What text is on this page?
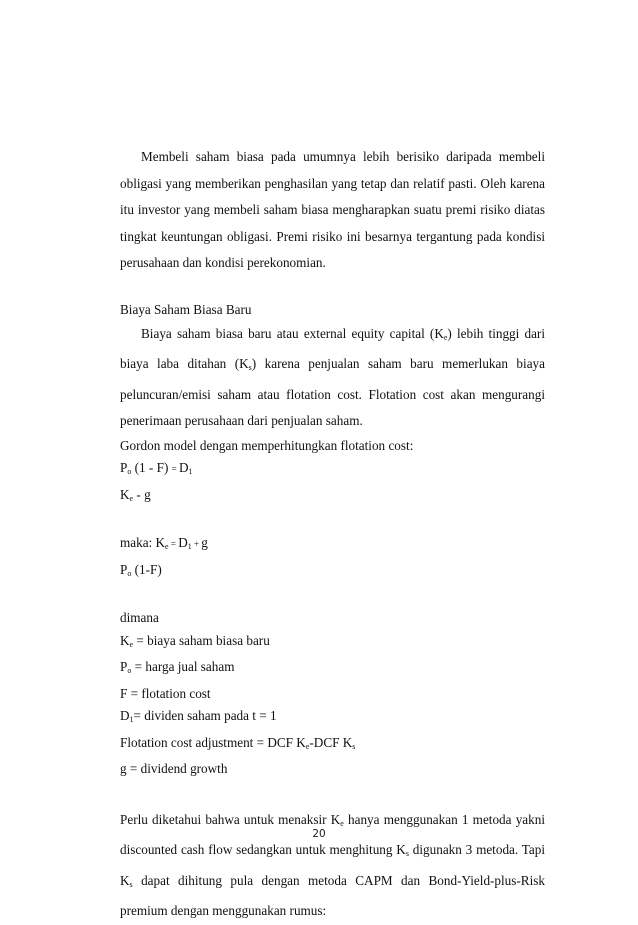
Membeli saham biasa pada umumnya lebih berisiko daripada membeli obligasi yang memberikan penghasilan yang tetap dan relatif pasti. Oleh karena itu investor yang membeli saham biasa mengharapkan suatu premi risiko diatas tingkat keuntungan obligasi. Premi risiko ini besarnya tergantung pada kondisi perusahaan dan kondisi perekonomian.

Biaya Saham Biasa Baru

Biaya saham biasa baru atau external equity capital $(K_e)$ lebih tinggi dari biaya laba ditahan $(K_s)$ karena penjualan saham baru memerlukan biaya peluncuran/emisi saham atau flotation cost. Flotation cost akan mengurangi penerimaan perusahaan dari penjualan saham.

Gordon model dengan memperhitungkan flotation cost:

$P_o$ $(1 - F) = D_1$

$K_e$ - g

maka: $K_e = D_1 + g$

$P_o$ (1-F)

dimana

$K_e$ = biaya saham biasa baru

$P_o$ = harga jual saham

F = flotation cost

$D_1=$ dividen saham pada t = 1

Flotation cost adjustment = DCF $K_e$-DCF $K_s$

g = dividend growth

Perlu diketahui bahwa untuk menaksir $K_e$ hanya menggunakan 1 metoda yakni discounted cash flow sedangkan untuk menghitung $K_s$ digunakn 3 metoda. Tapi $K_s$ dapat dihitung pula dengan metoda CAPM dan Bond-Yield-plus-Risk premium dengan menggunakan rumus:

20
